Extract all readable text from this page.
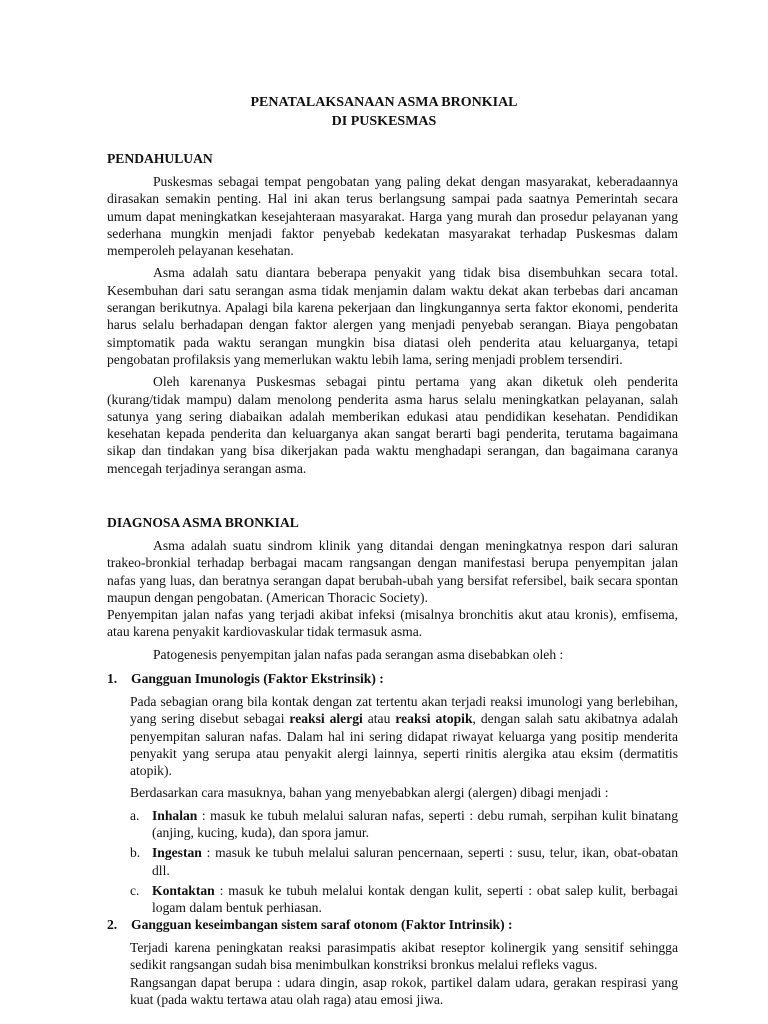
PENATALAKSANAAN ASMA BRONKIAL
DI PUSKESMAS
PENDAHULUAN

Puskesmas sebagai tempat pengobatan yang paling dekat dengan masyarakat, keberadaannya dirasakan semakin penting. Hal ini akan terus berlangsung sampai pada saatnya Pemerintah secara umum dapat meningkatkan kesejahteraan masyarakat. Harga yang murah dan prosedur pelayanan yang sederhana mungkin menjadi faktor penyebab kedekatan masyarakat terhadap Puskesmas dalam memperoleh pelayanan kesehatan.

Asma adalah satu diantara beberapa penyakit yang tidak bisa disembuhkan secara total. Kesembuhan dari satu serangan asma tidak menjamin dalam waktu dekat akan terbebas dari ancaman serangan berikutnya. Apalagi bila karena pekerjaan dan lingkungannya serta faktor ekonomi, penderita harus selalu berhadapan dengan faktor alergen yang menjadi penyebab serangan. Biaya pengobatan simptomatik pada waktu serangan mungkin bisa diatasi oleh penderita atau keluarganya, tetapi pengobatan profilaksis yang memerlukan waktu lebih lama, sering menjadi problem tersendiri.

Oleh karenanya Puskesmas sebagai pintu pertama yang akan diketuk oleh penderita (kurang/tidak mampu) dalam menolong penderita asma harus selalu meningkatkan pelayanan, salah satunya yang sering diabaikan adalah memberikan edukasi atau pendidikan kesehatan. Pendidikan kesehatan kepada penderita dan keluarganya akan sangat berarti bagi penderita, terutama bagaimana sikap dan tindakan yang bisa dikerjakan pada waktu menghadapi serangan, dan bagaimana caranya mencegah terjadinya serangan asma.

DIAGNOSA ASMA BRONKIAL

Asma adalah suatu sindrom klinik yang ditandai dengan meningkatnya respon dari saluran trakeo-bronkial terhadap berbagai macam rangsangan dengan manifestasi berupa penyempitan jalan nafas yang luas, dan beratnya serangan dapat berubah-ubah yang bersifat refersibel, baik secara spontan maupun dengan pengobatan. (American Thoracic Society).

Penyempitan jalan nafas yang terjadi akibat infeksi (misalnya bronchitis akut atau kronis), emfisema, atau karena penyakit kardiovaskular tidak termasuk asma.

Patogenesis penyempitan jalan nafas pada serangan asma disebabkan oleh :

1. Gangguan Imunologis (Faktor Ekstrinsik) :

Pada sebagian orang bila kontak dengan zat tertentu akan terjadi reaksi imunologi yang berlebihan, yang sering disebut sebagai reaksi alergi atau reaksi atopik, dengan salah satu akibatnya adalah penyempitan saluran nafas. Dalam hal ini sering didapat riwayat keluarga yang positip menderita penyakit yang serupa atau penyakit alergi lainnya, seperti rinitis alergika atau eksim (dermatitis atopik).

Berdasarkan cara masuknya, bahan yang menyebabkan alergi (alergen) dibagi menjadi :

a. Inhalan : masuk ke tubuh melalui saluran nafas, seperti : debu rumah, serpihan kulit binatang (anjing, kucing, kuda), dan spora jamur.
b. Ingestan : masuk ke tubuh melalui saluran pencernaan, seperti : susu, telur, ikan, obat-obatan dll.
c. Kontaktan : masuk ke tubuh melalui kontak dengan kulit, seperti : obat salep kulit, berbagai logam dalam bentuk perhiasan.
2. Gangguan keseimbangan sistem saraf otonom (Faktor Intrinsik) :

Terjadi karena peningkatan reaksi parasimpatis akibat reseptor kolinergik yang sensitif sehingga sedikit rangsangan sudah bisa menimbulkan konstriksi bronkus melalui refleks vagus.

Rangsangan dapat berupa : udara dingin, asap rokok, partikel dalam udara, gerakan respirasi yang kuat (pada waktu tertawa atau olah raga) atau emosi jiwa.
